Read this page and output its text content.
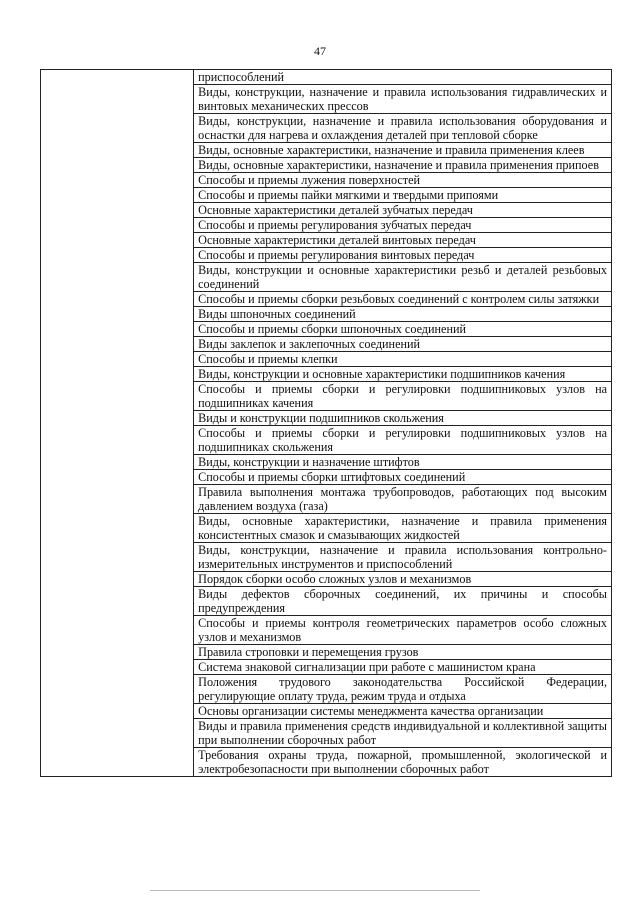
47
	приспособлений
Виды, конструкции, назначение и правила использования гидравлических и винтовых механических прессов
Виды, конструкции, назначение и правила использования оборудования и оснастки для нагрева и охлаждения деталей при тепловой сборке
Виды, основные характеристики, назначение и правила применения клеев
Виды, основные характеристики, назначение и правила применения припоев
Способы и приемы лужения поверхностей
Способы и приемы пайки мягкими и твердыми припоями
Основные характеристики деталей зубчатых передач
Способы и приемы регулирования зубчатых передач
Основные характеристики деталей винтовых передач
Способы и приемы регулирования винтовых передач
Виды, конструкции и основные характеристики резьб и деталей резьбовых соединений
Способы и приемы сборки резьбовых соединений с контролем силы затяжки
Виды шпоночных соединений
Способы и приемы сборки шпоночных соединений
Виды заклепок и заклепочных соединений
Способы и приемы клепки
Виды, конструкции и основные характеристики подшипников качения
Способы и приемы сборки и регулировки подшипниковых узлов на подшипниках качения
Виды и конструкции подшипников скольжения
Способы и приемы сборки и регулировки подшипниковых узлов на подшипниках скольжения
Виды, конструкции и назначение штифтов
Способы и приемы сборки штифтовых соединений
Правила выполнения монтажа трубопроводов, работающих под высоким давлением воздуха (газа)
Виды, основные характеристики, назначение и правила применения консистентных смазок и смазывающих жидкостей
Виды, конструкции, назначение и правила использования контрольно-измерительных инструментов и приспособлений
Порядок сборки особо сложных узлов и механизмов
Виды дефектов сборочных соединений, их причины и способы предупреждения
Способы и приемы контроля геометрических параметров особо сложных узлов и механизмов
Правила строповки и перемещения грузов
Система знаковой сигнализации при работе с машинистом крана
Положения трудового законодательства Российской Федерации, регулирующие оплату труда, режим труда и отдыха
Основы организации системы менеджмента качества организации
Виды и правила применения средств индивидуальной и коллективной защиты при выполнении сборочных работ
Требования охраны труда, пожарной, промышленной, экологической и электробезопасности при выполнении сборочных работ
